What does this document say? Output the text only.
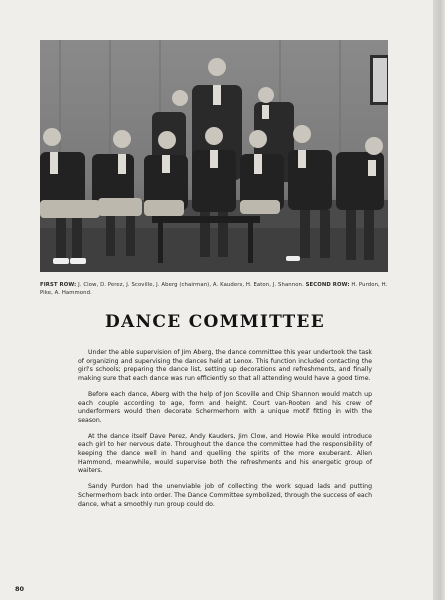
FIRST ROW: J. Clow, D. Perez, J. Scoville, J. Aberg (chairman), A. Kauders, H. Eaton, J. Shannon. SECOND ROW: H. Purdon, H. Pike, A. Hammond.
DANCE COMMITTEE

Under the able supervision of Jim Aberg, the dance committee this year undertook the task of organizing and supervising the dances held at Lenox. This function included contacting the girl's schools; preparing the dance list, setting up decorations and refreshments, and finally making sure that each dance was run efficiently so that all attending would have a good time.

Before each dance, Aberg with the help of Jon Scoville and Chip Shannon would match up each couple according to age, form and height. Court van-Rooten and his crew of underformers would then decorate Schermerhorn with a unique motif fitting in with the season.

At the dance itself Dave Perez, Andy Kauders, Jim Clow, and Howie Pike would introduce each girl to her nervous date. Throughout the dance the committee had the responsibility of keeping the dance well in hand and quelling the spirits of the more exuberant. Allen Hammond, meanwhile, would supervise both the refreshments and his energetic group of waiters.

Sandy Purdon had the unenviable job of collecting the work squad lads and putting Schermerhorn back into order. The Dance Committee symbolized, through the success of each dance, what a smoothly run group could do.

80
